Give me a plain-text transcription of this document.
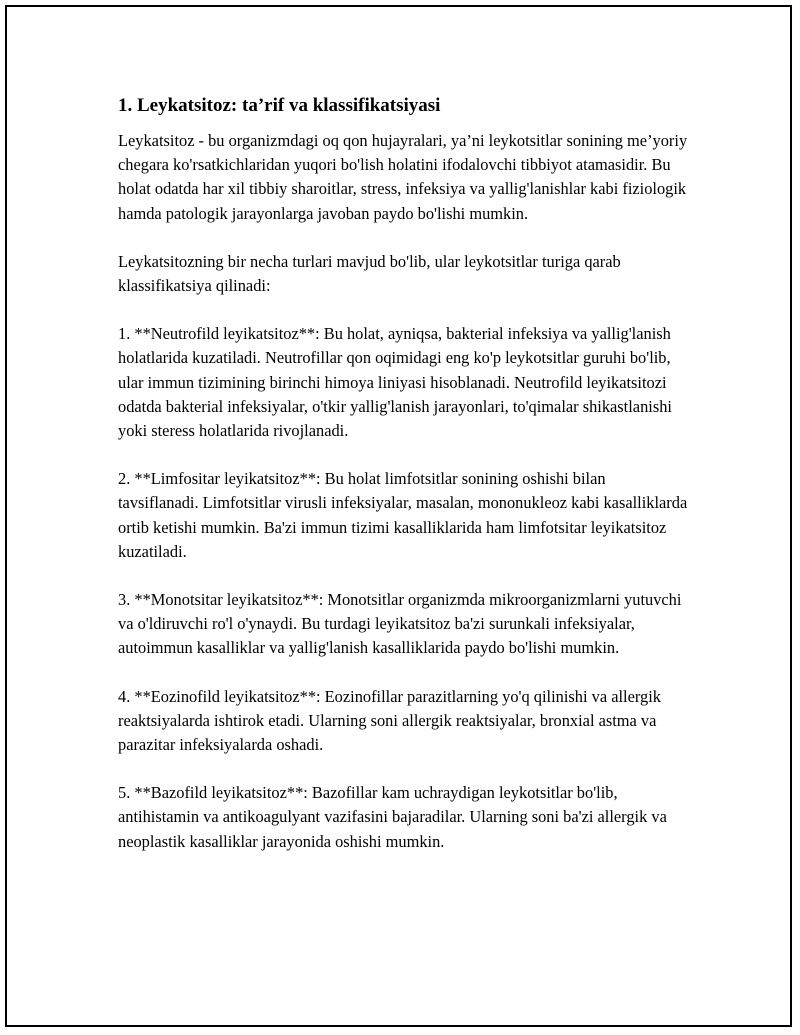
1. Leykatsitoz: ta’rif va klassifikatsiyasi

Leykatsitoz - bu organizmdagi oq qon hujayralari, ya’ni leykotsitlar sonining me’yoriy chegara ko'rsatkichlaridan yuqori bo'lish holatini ifodalovchi tibbiyot atamasidir. Bu holat odatda har xil tibbiy sharoitlar, stress, infeksiya va yallig'lanishlar kabi fiziologik hamda patologik jarayonlarga javoban paydo bo'lishi mumkin.

Leykatsitozning bir necha turlari mavjud bo'lib, ular leykotsitlar turiga qarab klassifikatsiya qilinadi:

1. **Neutrofild leyikatsitoz**: Bu holat, ayniqsa, bakterial infeksiya va yallig'lanish holatlarida kuzatiladi. Neutrofillar qon oqimidagi eng ko'p leykotsitlar guruhi bo'lib, ular immun tizimining birinchi himoya liniyasi hisoblanadi. Neutrofild leyikatsitozi odatda bakterial infeksiyalar, o'tkir yallig'lanish jarayonlari, to'qimalar shikastlanishi yoki steress holatlarida rivojlanadi.

2. **Limfositar leyikatsitoz**: Bu holat limfotsitlar sonining oshishi bilan tavsiflanadi. Limfotsitlar virusli infeksiyalar, masalan, mononukleoz kabi kasalliklarda ortib ketishi mumkin. Ba'zi immun tizimi kasalliklarida ham limfotsitar leyikatsitoz kuzatiladi.

3. **Monotsitar leyikatsitoz**: Monotsitlar organizmda mikroorganizmlarni yutuvchi va o'ldiruvchi ro'l o'ynaydi. Bu turdagi leyikatsitoz ba'zi surunkali infeksiyalar, autoimmun kasalliklar va yallig'lanish kasalliklarida paydo bo'lishi mumkin.

4. **Eozinofild leyikatsitoz**: Eozinofillar parazitlarning yo'q qilinishi va allergik reaktsiyalarda ishtirok etadi. Ularning soni allergik reaktsiyalar, bronxial astma va parazitar infeksiyalarda oshadi.

5. **Bazofild leyikatsitoz**: Bazofillar kam uchraydigan leykotsitlar bo'lib, antihistamin va antikoagulyant vazifasini bajaradilar. Ularning soni ba'zi allergik va neoplastik kasalliklar jarayonida oshishi mumkin.
